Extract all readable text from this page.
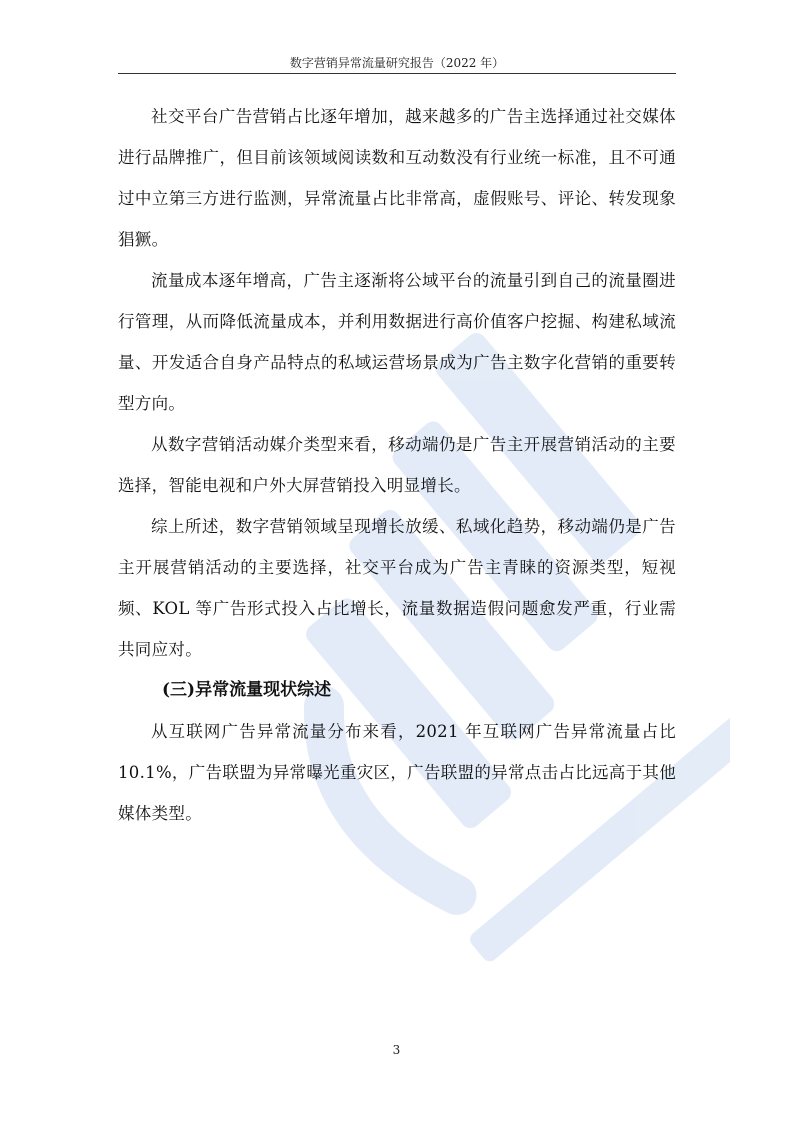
数字营销异常流量研究报告（2022 年）

社交平台广告营销占比逐年增加，越来越多的广告主选择通过社交媒体进行品牌推广，但目前该领域阅读数和互动数没有行业统一标准，且不可通过中立第三方进行监测，异常流量占比非常高，虚假账号、评论、转发现象猖獗。

流量成本逐年增高，广告主逐渐将公域平台的流量引到自己的流量圈进行管理，从而降低流量成本，并利用数据进行高价值客户挖掘、构建私域流量、开发适合自身产品特点的私域运营场景成为广告主数字化营销的重要转型方向。

从数字营销活动媒介类型来看，移动端仍是广告主开展营销活动的主要选择，智能电视和户外大屏营销投入明显增长。

综上所述，数字营销领域呈现增长放缓、私域化趋势，移动端仍是广告主开展营销活动的主要选择，社交平台成为广告主青睐的资源类型，短视频、KOL 等广告形式投入占比增长，流量数据造假问题愈发严重，行业需共同应对。

(三)异常流量现状综述

从互联网广告异常流量分布来看，2021 年互联网广告异常流量占比 10.1%，广告联盟为异常曝光重灾区，广告联盟的异常点击占比远高于其他媒体类型。

3
